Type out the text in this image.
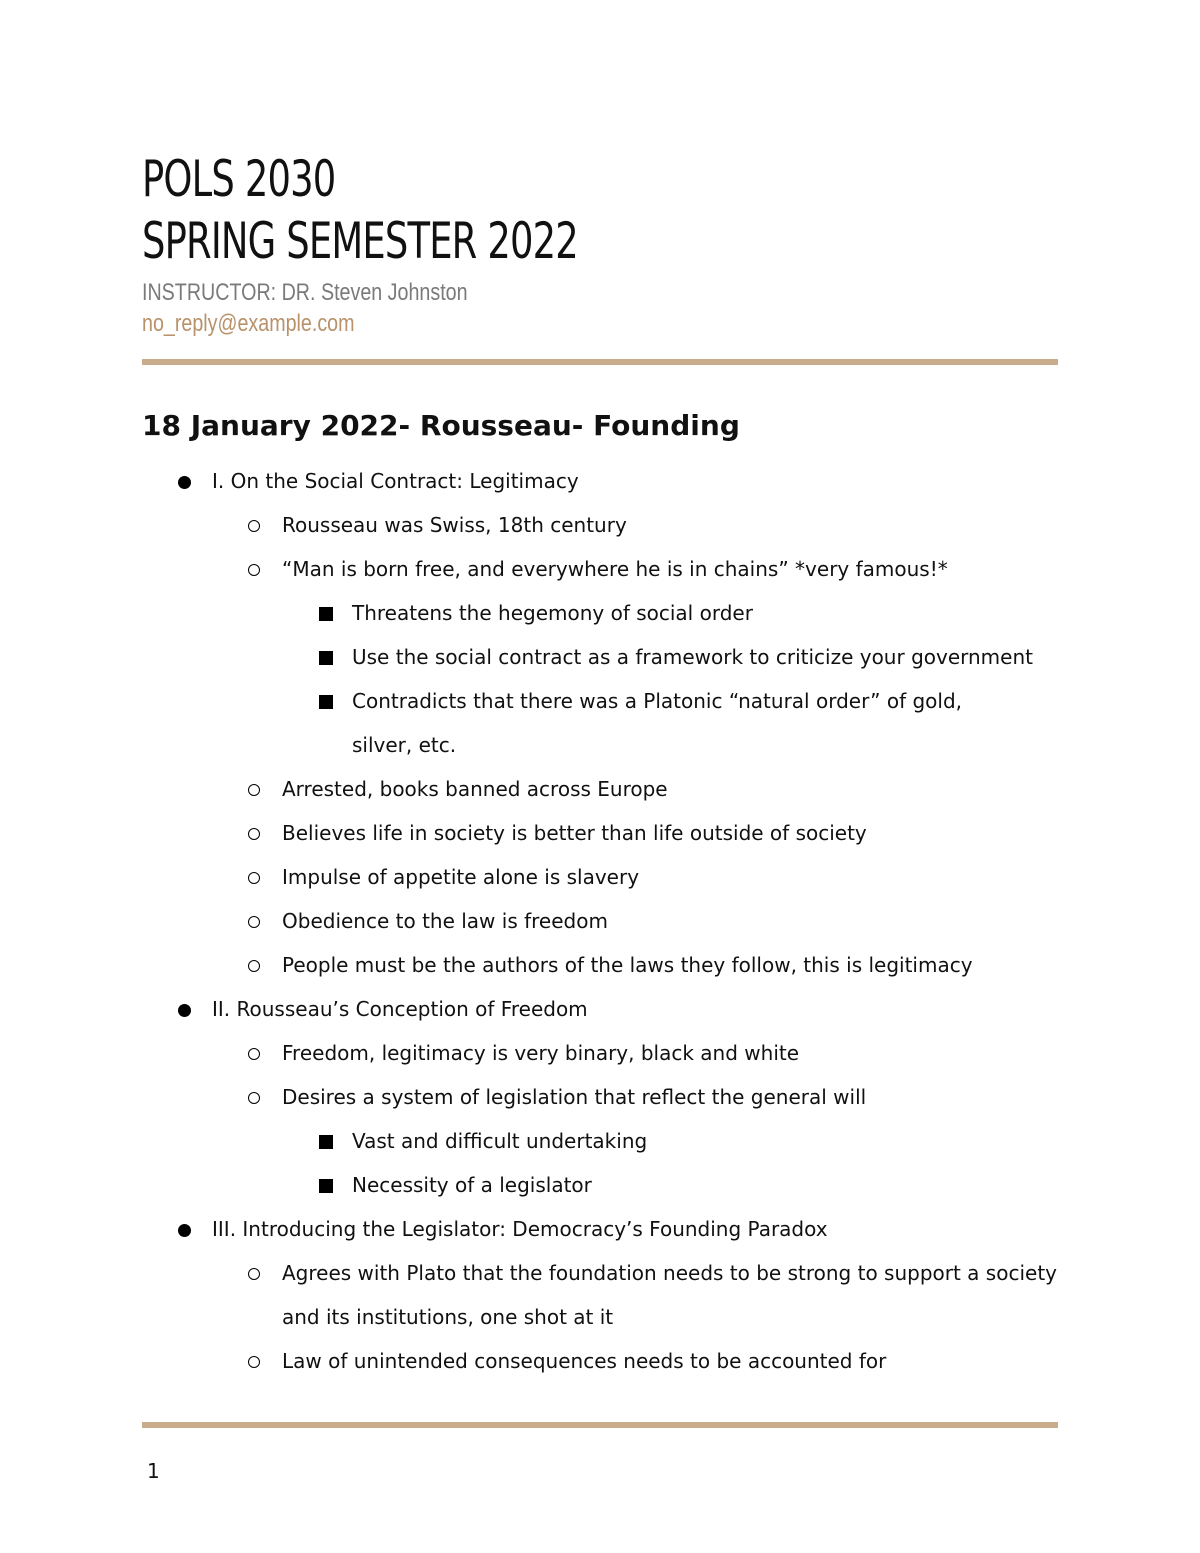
POLS 2030
SPRING SEMESTER 2022
INSTRUCTOR: DR. Steven Johnston
no_reply@example.com
18 January 2022- Rousseau- Founding
I. On the Social Contract: Legitimacy
Rousseau was Swiss, 18th century
“Man is born free, and everywhere he is in chains” *very famous!*
Threatens the hegemony of social order
Use the social contract as a framework to criticize your government
Contradicts that there was a Platonic “natural order” of gold, silver, etc.
Arrested, books banned across Europe
Believes life in society is better than life outside of society
Impulse of appetite alone is slavery
Obedience to the law is freedom
People must be the authors of the laws they follow, this is legitimacy
II. Rousseau’s Conception of Freedom
Freedom, legitimacy is very binary, black and white
Desires a system of legislation that reflect the general will
Vast and difficult undertaking
Necessity of a legislator
III. Introducing the Legislator: Democracy’s Founding Paradox
Agrees with Plato that the foundation needs to be strong to support a society and its institutions, one shot at it
Law of unintended consequences needs to be accounted for
1
